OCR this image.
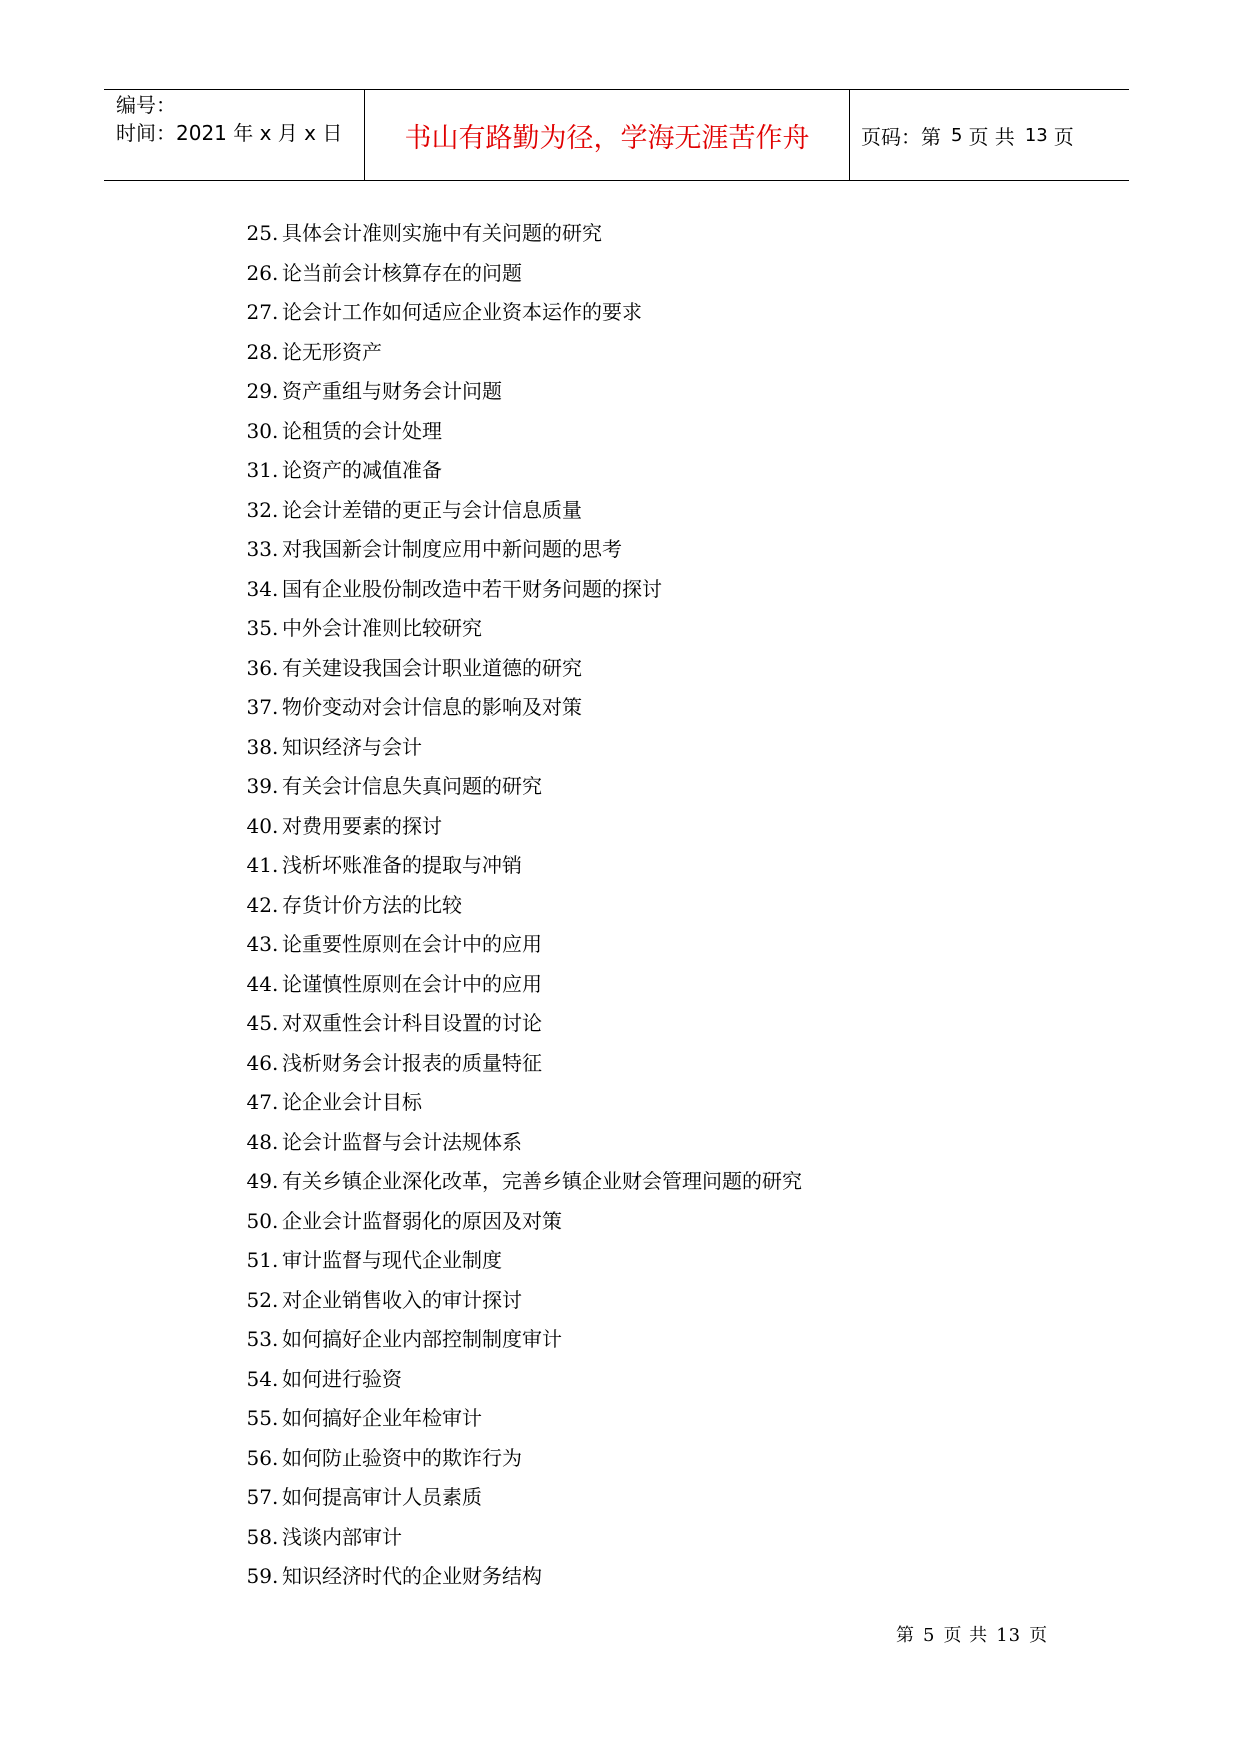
编号：
时间：2021 年 x 月 x 日	书山有路勤为径，学海无涯苦作舟	页码：第 5 页 共 13 页
25 . 具体会计准则实施中有关问题的研究
26 . 论当前会计核算存在的问题
27 . 论会计工作如何适应企业资本运作的要求
28 . 论无形资产
29 . 资产重组与财务会计问题
30 . 论租赁的会计处理
31 . 论资产的减值准备
32 . 论会计差错的更正与会计信息质量
33 . 对我国新会计制度应用中新问题的思考
34 . 国有企业股份制改造中若干财务问题的探讨
35 . 中外会计准则比较研究
36 . 有关建设我国会计职业道德的研究
37 . 物价变动对会计信息的影响及对策
38 . 知识经济与会计
39 . 有关会计信息失真问题的研究
40 . 对费用要素的探讨
41 . 浅析坏账准备的提取与冲销
42 . 存货计价方法的比较
43 . 论重要性原则在会计中的应用
44 . 论谨慎性原则在会计中的应用
45 . 对双重性会计科目设置的讨论
46 . 浅析财务会计报表的质量特征
47 . 论企业会计目标
48 . 论会计监督与会计法规体系
49 . 有关乡镇企业深化改革，完善乡镇企业财会管理问题的研究
50 . 企业会计监督弱化的原因及对策
51 . 审计监督与现代企业制度
52 . 对企业销售收入的审计探讨
53 . 如何搞好企业内部控制制度审计
54 . 如何进行验资
55 . 如何搞好企业年检审计
56 . 如何防止验资中的欺诈行为
57 . 如何提高审计人员素质
58 . 浅谈内部审计
59 . 知识经济时代的企业财务结构
第 5 页 共 13 页
